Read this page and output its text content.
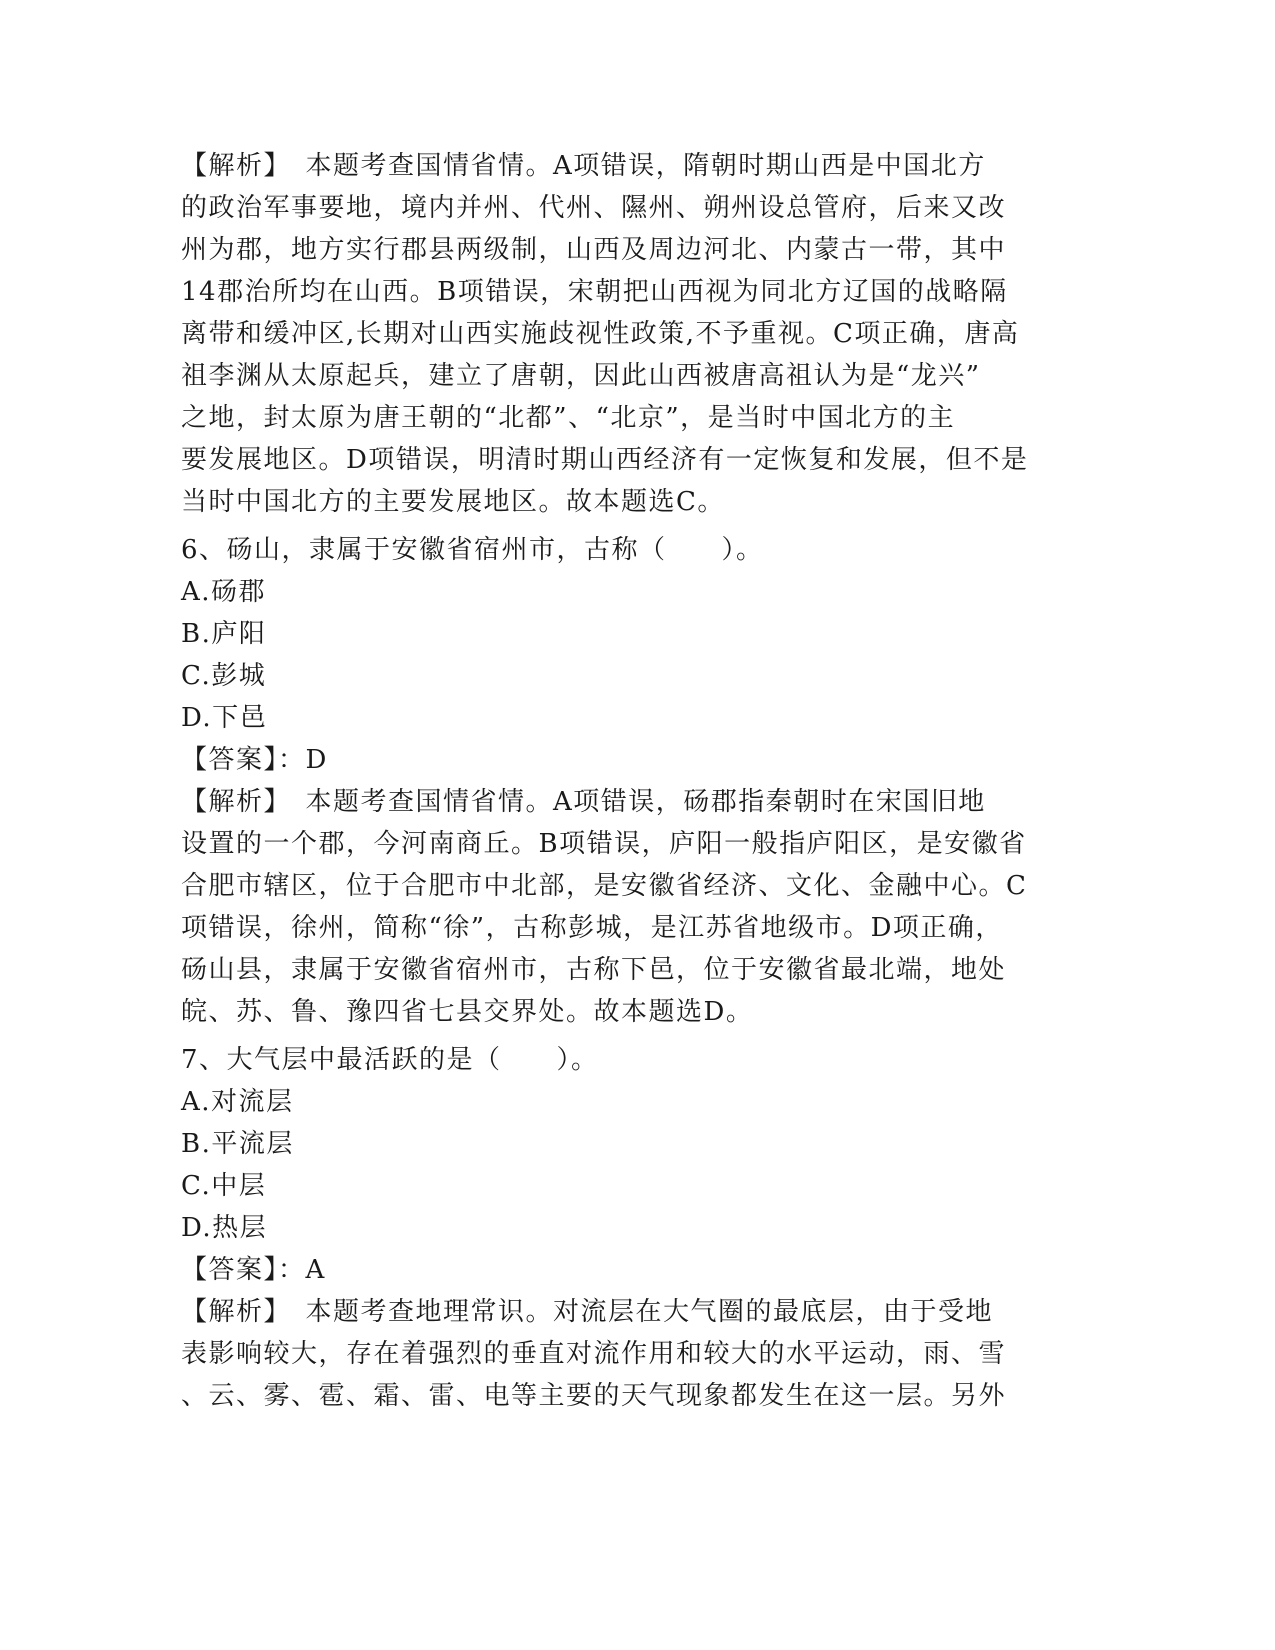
【解析】　本题考查国情省情。A项错误，隋朝时期山西是中国北方
的政治军事要地，境内并州、代州、隰州、朔州设总管府，后来又改
州为郡，地方实行郡县两级制，山西及周边河北、内蒙古一带，其中
14郡治所均在山西。B项错误，宋朝把山西视为同北方辽国的战略隔
离带和缓冲区,长期对山西实施歧视性政策,不予重视。C项正确，唐高
祖李渊从太原起兵，建立了唐朝，因此山西被唐高祖认为是“龙兴”
之地，封太原为唐王朝的“北都”、“北京”，是当时中国北方的主
要发展地区。D项错误，明清时期山西经济有一定恢复和发展，但不是
当时中国北方的主要发展地区。故本题选C。
6、砀山，隶属于安徽省宿州市，古称（　　）。
A.砀郡
B.庐阳
C.彭城
D.下邑
【答案】：D
【解析】　本题考查国情省情。A项错误，砀郡指秦朝时在宋国旧地
设置的一个郡，今河南商丘。B项错误，庐阳一般指庐阳区，是安徽省
合肥市辖区，位于合肥市中北部，是安徽省经济、文化、金融中心。C
项错误，徐州，简称“徐”，古称彭城，是江苏省地级市。D项正确，
砀山县，隶属于安徽省宿州市，古称下邑，位于安徽省最北端，地处
皖、苏、鲁、豫四省七县交界处。故本题选D。
7、大气层中最活跃的是（　　）。
A.对流层
B.平流层
C.中层
D.热层
【答案】：A
【解析】　本题考查地理常识。对流层在大气圈的最底层，由于受地
表影响较大，存在着强烈的垂直对流作用和较大的水平运动，雨、雪
、云、雾、雹、霜、雷、电等主要的天气现象都发生在这一层。另外
